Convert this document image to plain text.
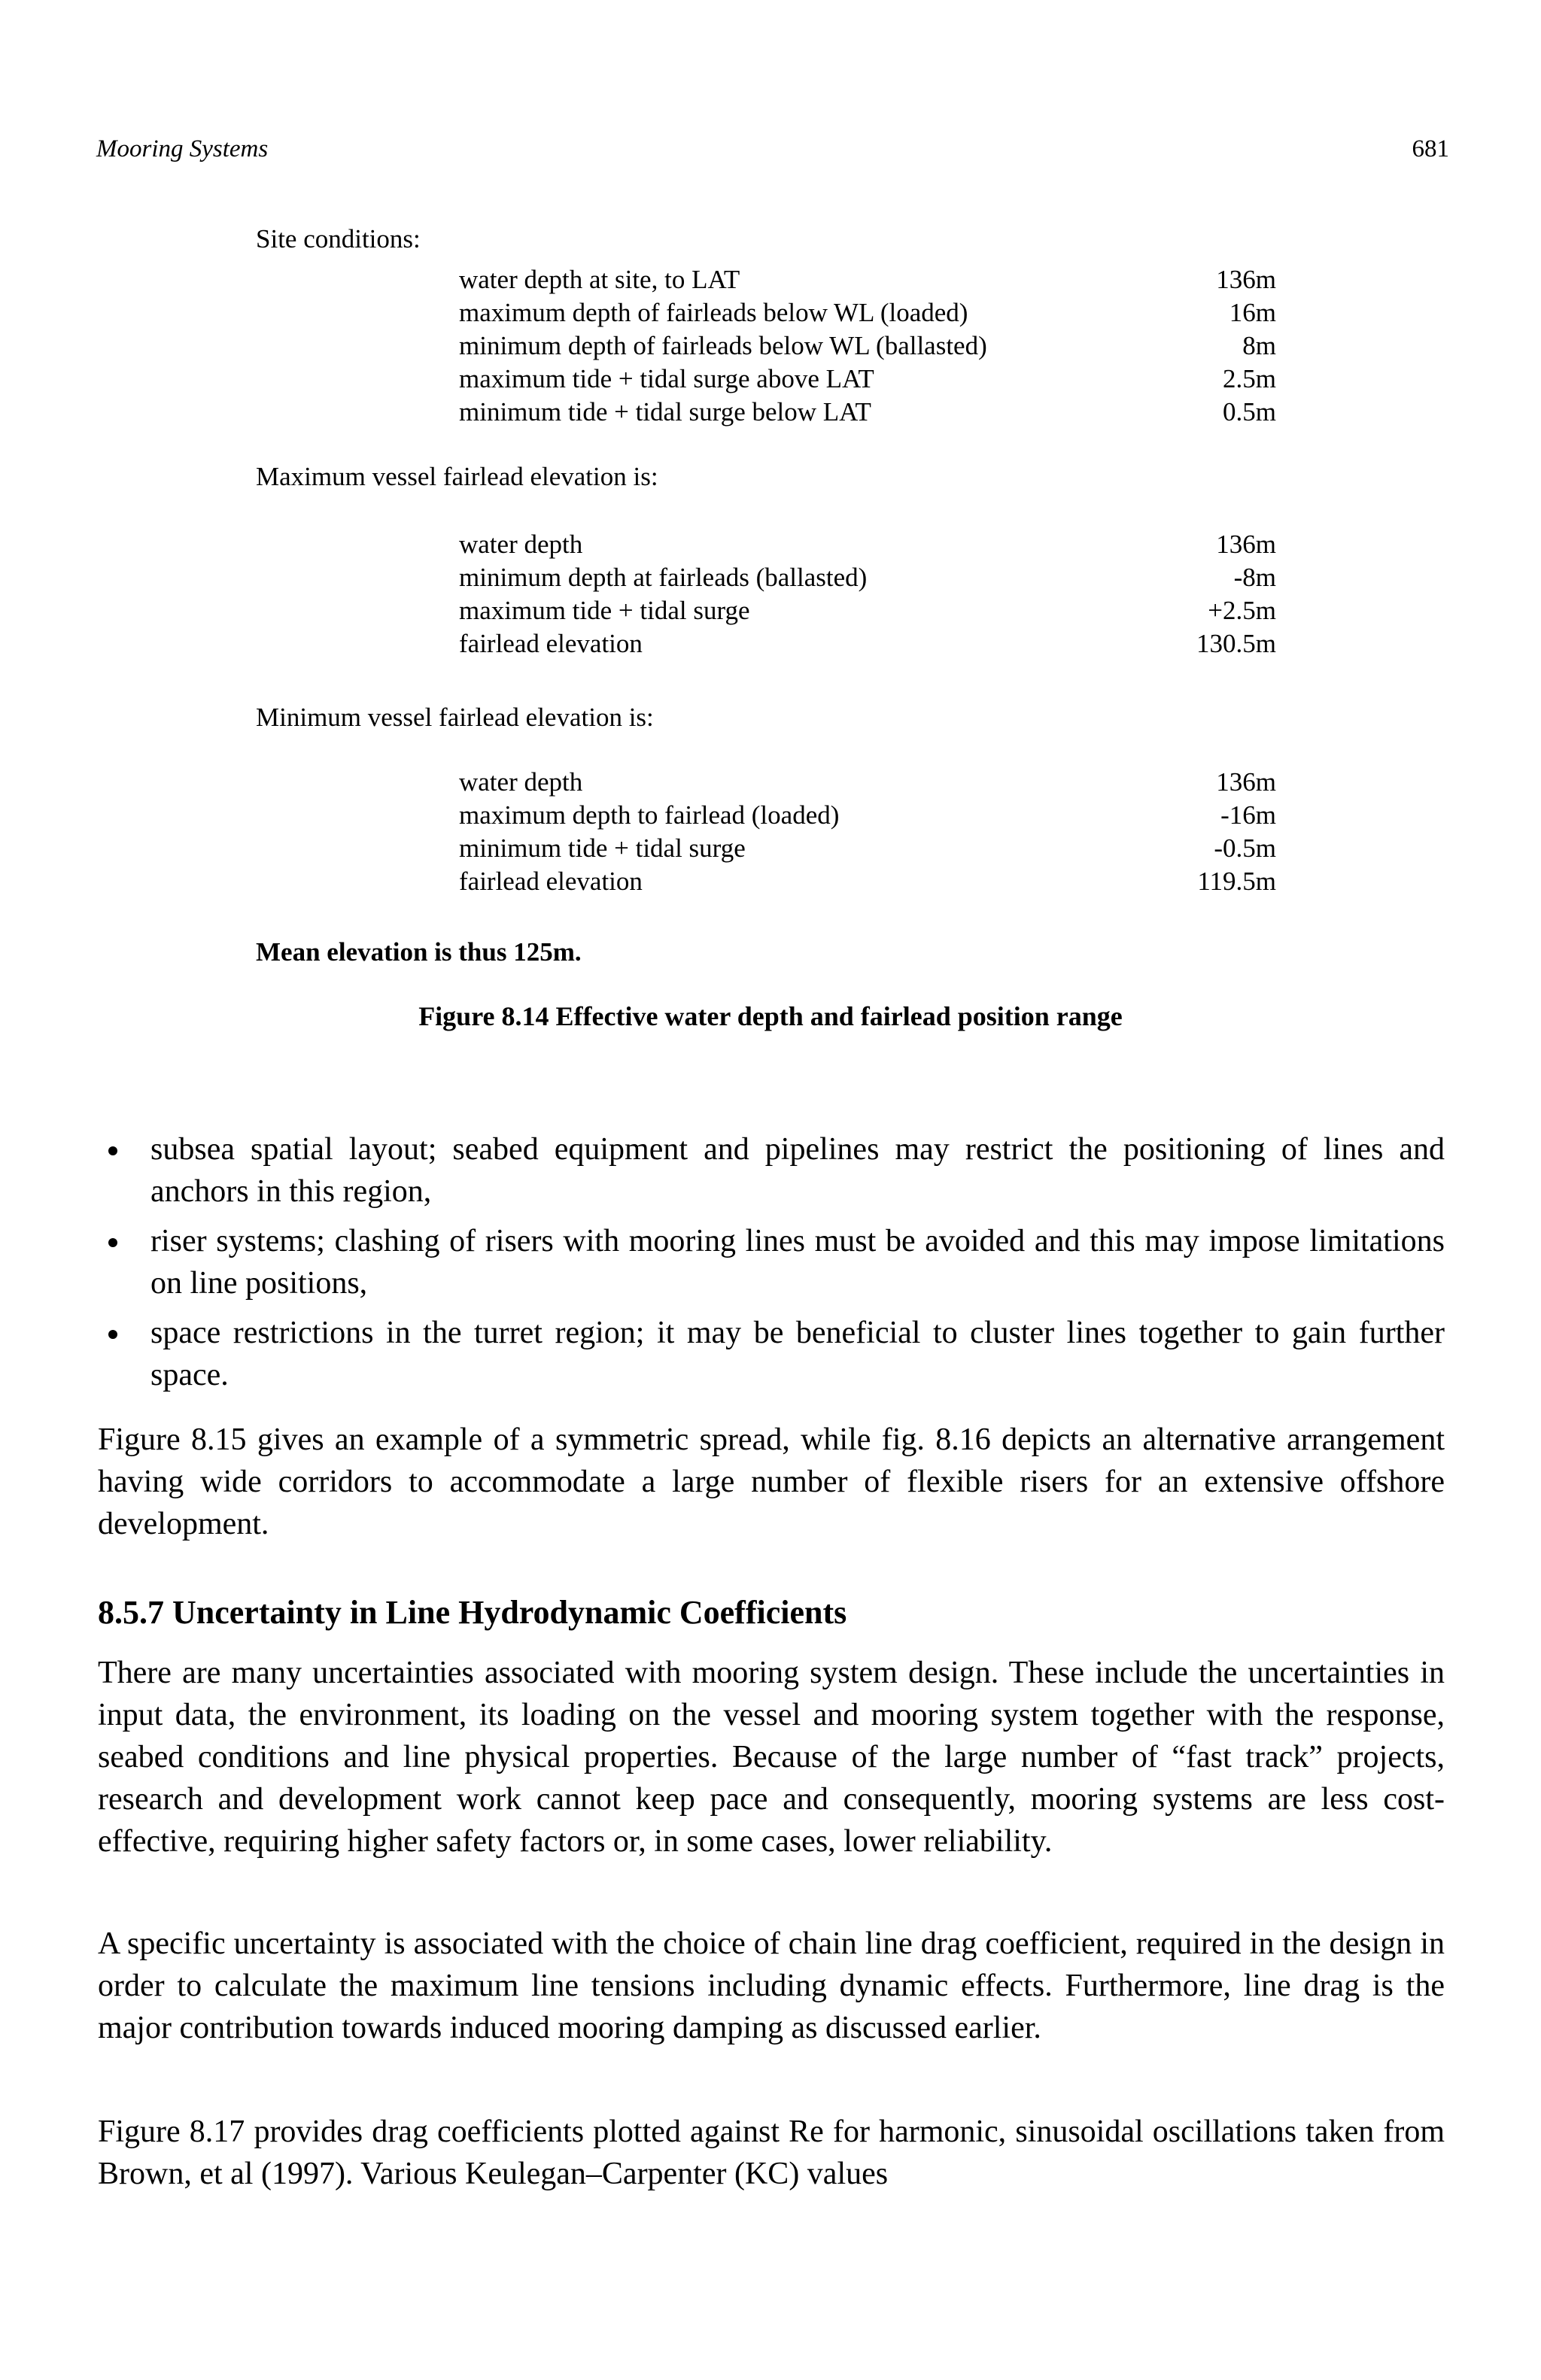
Mooring Systems	681
Site conditions:
water depth at site, to LAT	136m
maximum depth of fairleads below WL (loaded)	16m
minimum depth of fairleads below WL (ballasted)	8m
maximum tide + tidal surge above LAT	2.5m
minimum tide + tidal surge below LAT	0.5m
Maximum vessel fairlead elevation is:
water depth	136m
minimum depth at fairleads (ballasted)	-8m
maximum tide + tidal surge	+2.5m
fairlead elevation	130.5m
Minimum vessel fairlead elevation is:
water depth	136m
maximum depth to fairlead (loaded)	-16m
minimum tide + tidal surge	-0.5m
fairlead elevation	119.5m
Mean elevation is thus 125m.
Figure 8.14 Effective water depth and fairlead position range
subsea spatial layout; seabed equipment and pipelines may restrict the positioning of lines and anchors in this region,
riser systems; clashing of risers with mooring lines must be avoided and this may impose limitations on line positions,
space restrictions in the turret region; it may be beneficial to cluster lines together to gain further space.

Figure 8.15 gives an example of a symmetric spread, while fig. 8.16 depicts an alternative arrangement having wide corridors to accommodate a large number of flexible risers for an extensive offshore development.

8.5.7 Uncertainty in Line Hydrodynamic Coefficients

There are many uncertainties associated with mooring system design. These include the uncertainties in input data, the environment, its loading on the vessel and mooring system together with the response, seabed conditions and line physical properties. Because of the large number of “fast track” projects, research and development work cannot keep pace and consequently, mooring systems are less cost-effective, requiring higher safety factors or, in some cases, lower reliability.

A specific uncertainty is associated with the choice of chain line drag coefficient, required in the design in order to calculate the maximum line tensions including dynamic effects. Furthermore, line drag is the major contribution towards induced mooring damping as discussed earlier.

Figure 8.17 provides drag coefficients plotted against Re for harmonic, sinusoidal oscillations taken from Brown, et al (1997). Various Keulegan–Carpenter (KC) values
